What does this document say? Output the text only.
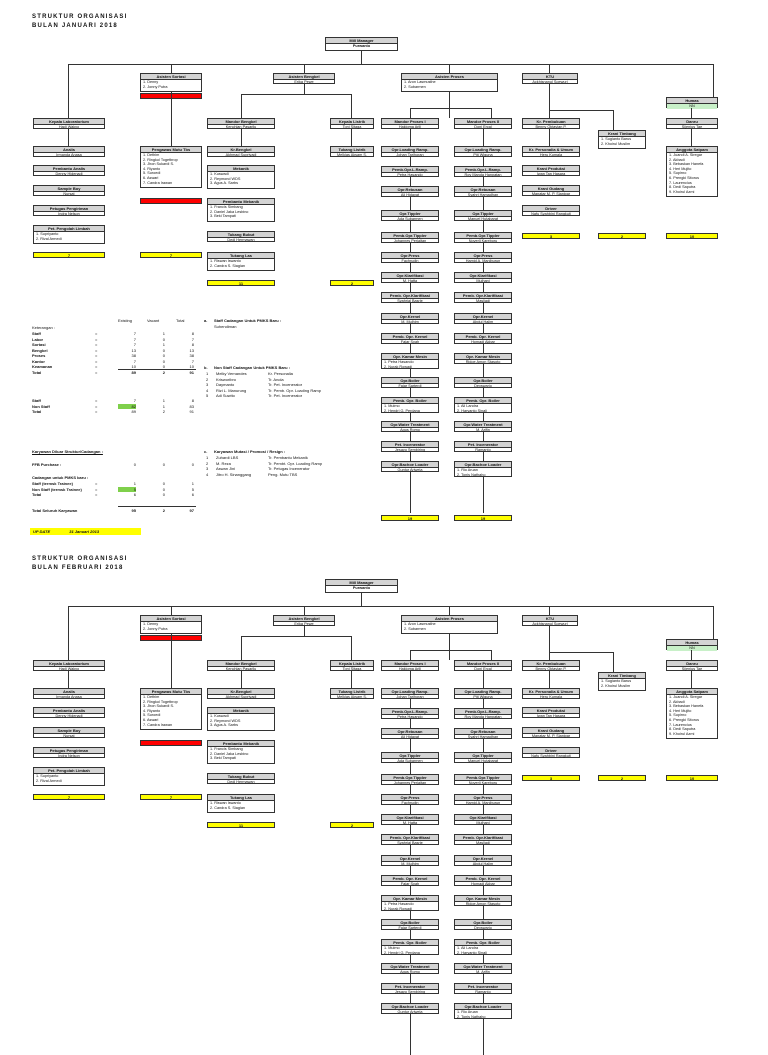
STRUKTUR ORGANISASI
BULAN JANUARI 2018
Mill Manager
Purwanto
Asisten Sortasi
1. Denny
2. Jonny Putra
Asisten Bengkel
Erika Pewe
Asisten Proses
1. Aron Lasmusthe
2. Subarmen
KTU
Ackhisnanul Soewuri
Humas
NN
Danru
Sijenius Tae
Kepala Laboratorium
Hadi Wakyo
Analis
Irmanda Anasa
Pembantu Analis
Denny Hidenadi
Sample Boy
Nursat
Petugas Pengiriman
Indra Nelson
Pet. Pengolah Limbah
1. Supriyanto
2. Rival Armedi
7
Pengawas Mutu Tbs
1. Dethim
2. Ringkol Togetbrop
3. Jhon Sukardi S.
4. Riyanto
5. Suroedi
6. Aswari
7. Candra Irawan
7
Mandor Bengkel
Kenchlan Pasarilu
Kr.Bengkel
Akhmad Supriyadi
Mekanik
1. Kuswadi
2. Reymond WDS
3. Agus A. Sarbs
Pembantu Mekanik
1. Francis Simbang
2. Daniel Jaka Lesbino
3. Beki Tampati
Tukang Bubut
Dedi Hermawan
Tukang Las
1. Riswan Iswanto
2. Candra S. Siagian
11
Kepala Listrik
Toni Sitaga
Tukang Listrik
Melkias Aksam S.
2
Mandor Proses I
Hakioma Arili
Mandor Proses II
Doni Ercal
Opr.Loading Ramp.
Johan Tarihoran
Pemb.Opr.L.Ramp.
Petra Hasando
Opr.Rebusan
Ali Hidayat
Opr.Tippler
Ada Subarmen
Pemb.Opr.Tippler
Johannes Perjaitan
Opr.Press
Fachrudin
Opr.Klarifikasi
M. Hatta
Pemb. Opr.Klarifikasi
Syahrial Basrie
Opr.Kernel
M. Mulhim
Pemb. Opr. Kernel
Fajar Syah
Opr. Kamar Mesin
1. Petra Hasando
2. Nurak Rowadi
Opr.Boiler
Fajar Sarterdi
Pemb. Opr. Boiler
1. Mulmo
2. Hendri G. Perdana
Opr.Water Treatment
Agus Romo
Pet. Incenerator
Jesayo Sembiring
Opr.Bachoe Loader
Guntur Ariwela
Opr.Loading Ramp.
Piti Wiguna
Pemb.Opr.L.Ramp.
Roy Manda Hanpatan
Opr.Rebusan
Syahri Hamadhan
Opr.Tippler
Manuel Hutabarat
Pemb.Opr.Tippler
Noverli Kareboru
Opr.Press
Hamid A. Maniburun
Opr.Klarifikasi
Mulhani
Pemb. Opr.Klarifikasi
Masliadi
Opr.Kernel
Abdul Halim
Pemb. Opr. Kernel
Homadi Akbar
Opr. Kamar Mesin
Ridoe Amon Stasoto
Opr.Boiler
Dexswario
Pemb. Opr. Boiler
1. Ali Landra
2. Haryanto Sinali
Opr.Water Treatment
M. Arifin
Pet. Incenerator
Ramanto
Opr.Bachoe Loader
1. Rio Aruan
2. Tonis Nathaho
19	19
Kr. Pembukuan
Benny Oktavian P.
Kr. Personalia & Umum
Heru Kumala
Krani Produksi
Iwan Tan Hasara
Krani Gudang
Manatar M. P. Sianipar
Driver
Nafu Syahbini Rangkuti
3
Krani Timbang
1. Sugianto Barus
2. Khoirul Muslim
2
Anggota Satpam
1. Juandi A. Siregar
2. Akbadi
3. Bebaskan Hanefa
4. Heri Mujito
5. Supirno
6. Prengki Sitorus
7. Laurencius
8. Dedi Saputra
9. Khoirul Azmi
10
Existing	Vacant	Total
Keterangan :
Staff	=	7	1	8
Labor	=	7	0	7
Sortasi	=	7	1	8
Bengkel	=	13	0	13
Proses	=	38	0	38
Kantor	=	7	0	7
Keamanan	=	10	0	10
Total	=	89	2	91
Staff	=	7	1	8
Non Staff	=	82	1	83
Total	=	89	2	91
a. Staff Cadangan Untuk PMKS Baru :
Suhendiman
b. Non Staff Cadangan Untuk PMKS Baru :
1 Melky Vernandes	Kr. Personalia
2 Krisworibro	Tr. Anola
3 Daymanto	Tr. Pet. Incenerator
4 Rizi L. Manurung	Tr. Pemb. Opr. Loading Ramp
5 Adi Suwito	Tr. Pet. Incenerator
c. Karyawan Mutasi / Promosi / Resign :
1 Zuhardi LBS	Tr. Pembantu Mekanik
2 M. Reza	Tr. Pembt. Opr. Loading Ramp
3 Aswan Jini	Tr. Petugas Incenerator
4 Jitro H. Sinanggang	Peng. Mutu TBS
Karyawan Diluar Struktur/Cadangan :
FFB Purchase :	0	0	0
Cadangan untuk PMKS baru :
Staff (termsk Trainee)	=	1	0	1
Non Staff (termsk Trainee)	=	5	0	5
Total	=	6	0	6
Total Seluruh Karyawan	95	2	97
UP DATE	31 Januari 2013
STRUKTUR ORGANISASI
BULAN FEBRUARI 2018
Mill Manager
Purwanto
Asisten Sortasi
1. Denny
2. Jonny Putra
Asisten Bengkel
Erika Pewe
Asisten Proses
1. Aron Lasmusthe
2. Subarmen
KTU
Ackhisnanul Soewuri
Humas
NN
Danru
Sijenius Tae
Kepala Laboratorium
Hadi Wakyo
Analis
Irmanda Anasa
Pembantu Analis
Denny Hidenadi
Sample Boy
Nursat
Petugas Pengiriman
Indra Nelson
Pet. Pengolah Limbah
1. Supriyanto
2. Rival Armedi
7
Pengawas Mutu Tbs
1. Dethim
2. Ringkol Togetbrop
3. Jhon Sukardi S.
4. Riyanto
5. Suroedi
6. Aswari
7. Candra Irawan
7
Mandor Bengkel
Kenchlan Pasarilu
Kr.Bengkel
Akhmad Supriyadi
Mekanik
1. Kuswadi
2. Reymond WDS
3. Agus A. Sarbs
Pembantu Mekanik
1. Francis Simbang
2. Daniel Jaka Lesbino
3. Beki Tampati
Tukang Bubut
Dedi Hermawan
Tukang Las
1. Riswan Iswanto
2. Candra S. Siagian
11
Kepala Listrik
Toni Sitaga
Tukang Listrik
Melkias Aksam S.
2
Mandor Proses I
Hakioma Arili
Mandor Proses II
Doni Ercal
Kr. Pembukuan
Benny Oktavian P.
Kr. Personalia & Umum
Heru Kumala
Krani Produksi
Iwan Tan Hasara
Krani Gudang
Manatar M. P. Sianipar
Driver
Nafu Syahbini Rangkuti
3
Krani Timbang
1. Sugianto Barus
2. Khoirul Muslim
2
Anggota Satpam
1. Juandi A. Siregar
2. Akbadi
3. Bebaskan Hanefa
4. Heri Mujito
5. Supirno
6. Prengki Sitorus
7. Laurencius
8. Dedi Saputra
9. Khoirul Azmi
10
Opr.Loading Ramp.
Johan Tarihoran
Pemb.Opr.L.Ramp.
Petra Hasando
Opr.Rebusan
Ali Hidayat
Opr.Tippler
Ada Subarmen
Pemb.Opr.Tippler
Johannes Perjaitan
Opr.Press
Fachrudin
Opr.Klarifikasi
M. Hatta
Pemb. Opr.Klarifikasi
Syahrial Basrie
Opr.Kernel
M. Mulhim
Pemb. Opr. Kernel
Fajar Syah
Opr. Kamar Mesin
1. Petra Hasando
2. Nurak Rowadi
Opr.Boiler
Fajar Sarterdi
Pemb. Opr. Boiler
1. Mulmo
2. Hendri G. Perdana
Opr.Water Treatment
Agus Romo
Pet. Incenerator
Jesayo Sembiring
Opr.Bachoe Loader
Guntur Ariwela
Opr.Loading Ramp.
Piti Wiguna
Pemb.Opr.L.Ramp.
Roy Manda Hanpatan
Opr.Rebusan
Syahri Hamadhan
Opr.Tippler
Manuel Hutabarat
Pemb.Opr.Tippler
Noverli Kareboru
Opr.Press
Hamid A. Maniburun
Opr.Klarifikasi
Mulhani
Pemb. Opr.Klarifikasi
Masliadi
Opr.Kernel
Abdul Halim
Pemb. Opr. Kernel
Homadi Akbar
Opr. Kamar Mesin
Ridoe Amon Stasoto
Opr.Boiler
Dexswario
Pemb. Opr. Boiler
1. Ali Landra
2. Haryanto Sinali
Opr.Water Treatment
M. Arifin
Pet. Incenerator
Ramanto
Opr.Bachoe Loader
1. Rio Aruan
2. Tonis Nathaho
